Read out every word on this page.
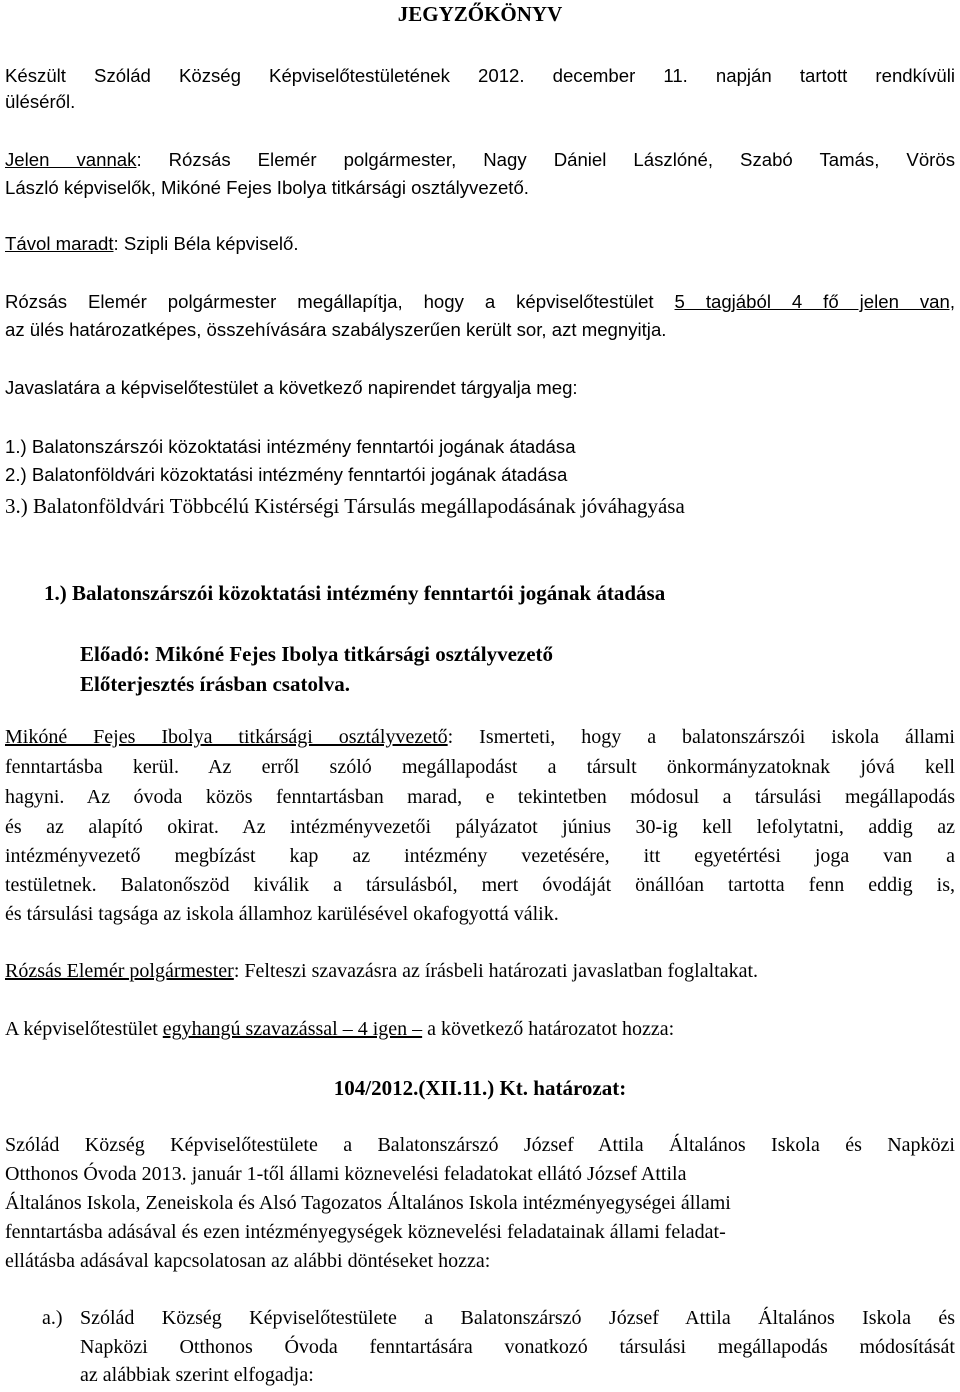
JEGYZŐKÖNYV
Készült Szólád Község Képviselőtestületének 2012. december 11. napján tartott rendkívüli
üléséről.
Jelen vannak: Rózsás Elemér polgármester, Nagy Dániel Lászlóné, Szabó Tamás, Vörös
László képviselők, Mikóné Fejes Ibolya titkársági osztályvezető.
Távol maradt: Szipli Béla képviselő.
Rózsás Elemér polgármester megállapítja, hogy a képviselőtestület 5 tagjából 4 fő jelen van,
az ülés határozatképes, összehívására szabályszerűen került sor, azt megnyitja.
Javaslatára a képviselőtestület a következő napirendet tárgyalja meg:
1.) Balatonszárszói közoktatási intézmény fenntartói jogának átadása
2.) Balatonföldvári közoktatási intézmény fenntartói jogának átadása
3.) Balatonföldvári Többcélú Kistérségi Társulás megállapodásának jóváhagyása
1.) Balatonszárszói közoktatási intézmény fenntartói jogának átadása
Előadó: Mikóné Fejes Ibolya titkársági osztályvezető
Előterjesztés írásban csatolva.
Mikóné Fejes Ibolya titkársági osztályvezető: Ismerteti, hogy a balatonszárszói iskola állami
fenntartásba kerül. Az erről szóló megállapodást a társult önkormányzatoknak jóvá kell
hagyni. Az óvoda közös fenntartásban marad, e tekintetben módosul a társulási megállapodás
és az alapító okirat. Az intézményvezetői pályázatot június 30-ig kell lefolytatni, addig az
intézményvezető megbízást kap az intézmény vezetésére, itt egyetértési joga van a
testületnek. Balatonőszöd kiválik a társulásból, mert óvodáját önállóan tartotta fenn eddig is,
és társulási tagsága az iskola államhoz karülésével okafogyottá válik.
Rózsás Elemér polgármester: Felteszi szavazásra az írásbeli határozati javaslatban foglaltakat.
A képviselőtestület egyhangú szavazással – 4 igen – a következő határozatot hozza:
104/2012.(XII.11.) Kt. határozat:
Szólád Község Képviselőtestülete a Balatonszárszó József Attila Általános Iskola és Napközi
Otthonos Óvoda 2013. január 1-től állami köznevelési feladatokat ellátó József Attila
Általános Iskola, Zeneiskola és Alsó Tagozatos Általános Iskola intézményegységei állami
fenntartásba adásával és ezen intézményegységek köznevelési feladatainak állami feladat-
ellátásba adásával kapcsolatosan az alábbi döntéseket hozza:
a.) Szólád Község Képviselőtestülete a Balatonszárszó József Attila Általános Iskola és
Napközi Otthonos Óvoda fenntartására vonatkozó társulási megállapodás módosítását
az alábbiak szerint elfogadja:
